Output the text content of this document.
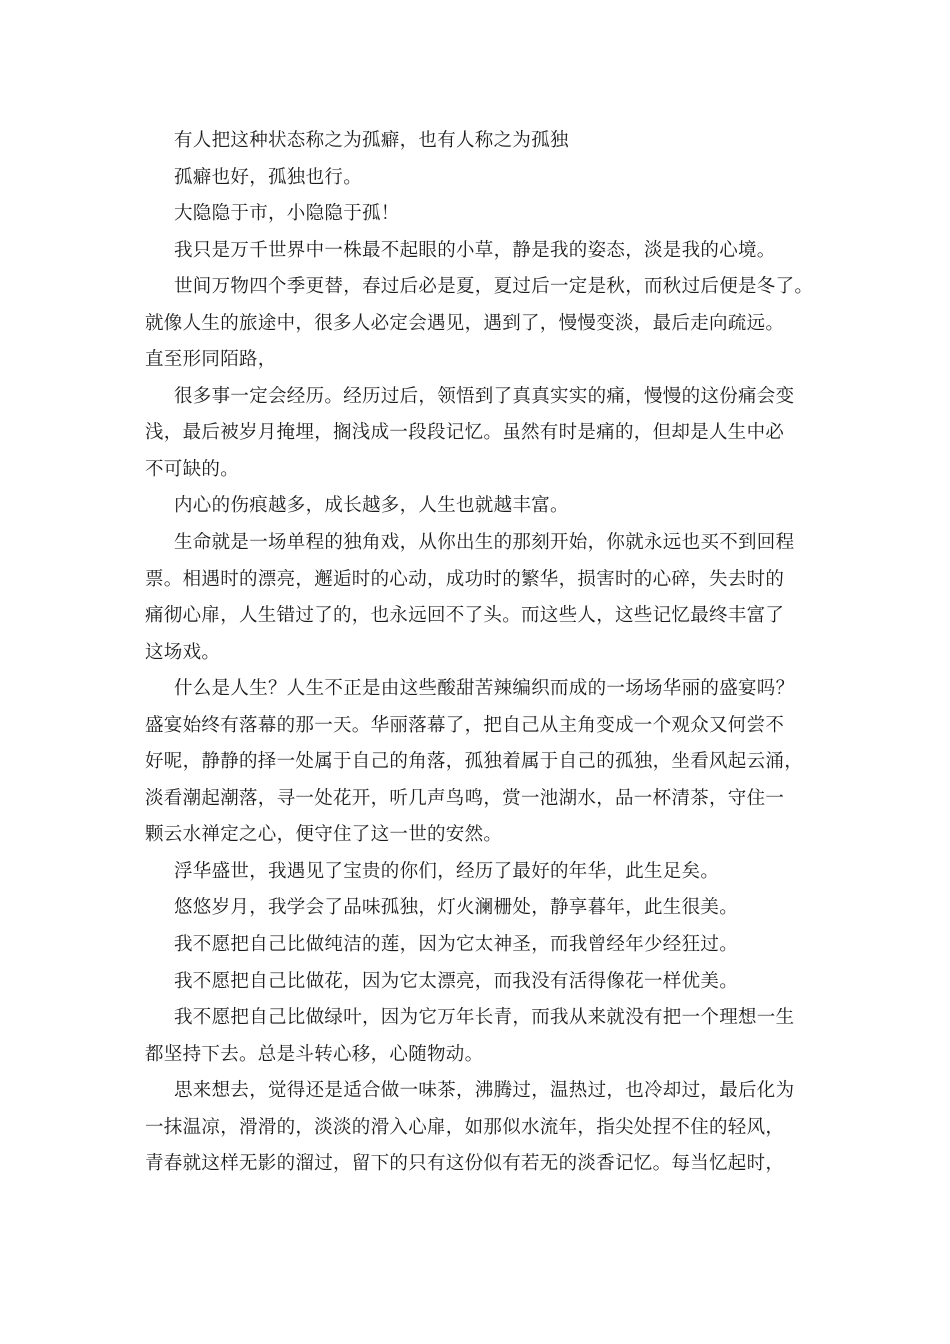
有人把这种状态称之为孤癖，也有人称之为孤独
孤癖也好，孤独也行。
大隐隐于市，小隐隐于孤！
我只是万千世界中一株最不起眼的小草，静是我的姿态，淡是我的心境。
世间万物四个季更替，春过后必是夏，夏过后一定是秋，而秋过后便是冬了。
就像人生的旅途中，很多人必定会遇见，遇到了，慢慢变淡，最后走向疏远。
直至形同陌路，
很多事一定会经历。经历过后，领悟到了真真实实的痛，慢慢的这份痛会变
浅，最后被岁月掩埋，搁浅成一段段记忆。虽然有时是痛的，但却是人生中必
不可缺的。
内心的伤痕越多，成长越多，人生也就越丰富。
生命就是一场单程的独角戏，从你出生的那刻开始，你就永远也买不到回程
票。相遇时的漂亮，邂逅时的心动，成功时的繁华，损害时的心碎，失去时的
痛彻心扉，人生错过了的，也永远回不了头。而这些人，这些记忆最终丰富了
这场戏。
什么是人生？人生不正是由这些酸甜苦辣编织而成的一场场华丽的盛宴吗？
盛宴始终有落幕的那一天。华丽落幕了，把自己从主角变成一个观众又何尝不
好呢，静静的择一处属于自己的角落，孤独着属于自己的孤独，坐看风起云涌，
淡看潮起潮落，寻一处花开，听几声鸟鸣，赏一池湖水，品一杯清茶，守住一
颗云水禅定之心，便守住了这一世的安然。
浮华盛世，我遇见了宝贵的你们，经历了最好的年华，此生足矣。
悠悠岁月，我学会了品味孤独，灯火澜栅处，静享暮年，此生很美。
我不愿把自己比做纯洁的莲，因为它太神圣，而我曾经年少经狂过。
我不愿把自己比做花，因为它太漂亮，而我没有活得像花一样优美。
我不愿把自己比做绿叶，因为它万年长青，而我从来就没有把一个理想一生
都坚持下去。总是斗转心移，心随物动。
思来想去，觉得还是适合做一味茶，沸腾过，温热过，也冷却过，最后化为
一抹温凉，滑滑的，淡淡的滑入心扉，如那似水流年，指尖处捏不住的轻风，
青春就这样无影的溜过，留下的只有这份似有若无的淡香记忆。每当忆起时，
